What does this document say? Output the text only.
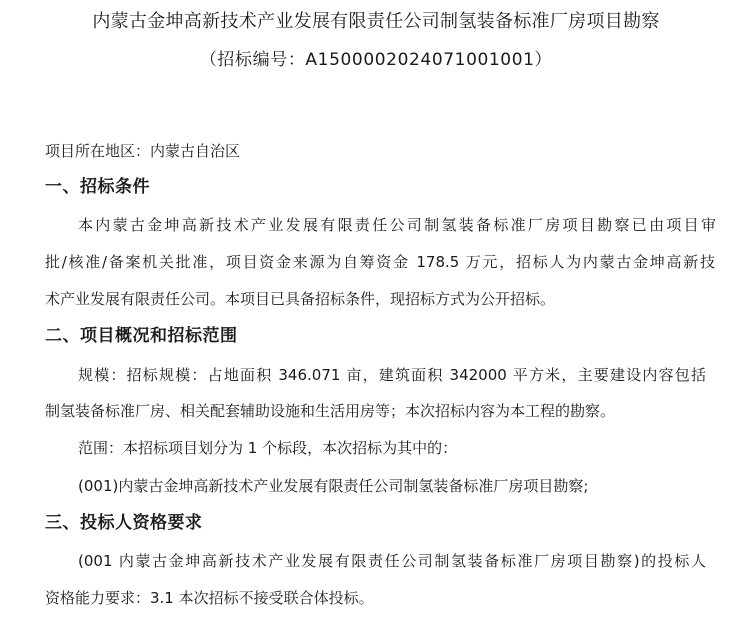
内蒙古金坤高新技术产业发展有限责任公司制氢装备标准厂房项目勘察
（招标编号：A1500002024071001001）
项目所在地区：内蒙古自治区
一、招标条件
本内蒙古金坤高新技术产业发展有限责任公司制氢装备标准厂房项目勘察已由项目审
批/核准/备案机关批准，项目资金来源为自筹资金 178.5 万元，招标人为内蒙古金坤高新技
术产业发展有限责任公司。本项目已具备招标条件，现招标方式为公开招标。
二、项目概况和招标范围
规模：招标规模：占地面积 346.071 亩，建筑面积 342000 平方米，主要建设内容包括
制氢装备标准厂房、相关配套辅助设施和生活用房等；本次招标内容为本工程的勘察。
范围：本招标项目划分为 1 个标段，本次招标为其中的：
(001)内蒙古金坤高新技术产业发展有限责任公司制氢装备标准厂房项目勘察;
三、投标人资格要求
(001 内蒙古金坤高新技术产业发展有限责任公司制氢装备标准厂房项目勘察)的投标人
资格能力要求：3.1 本次招标不接受联合体投标。
